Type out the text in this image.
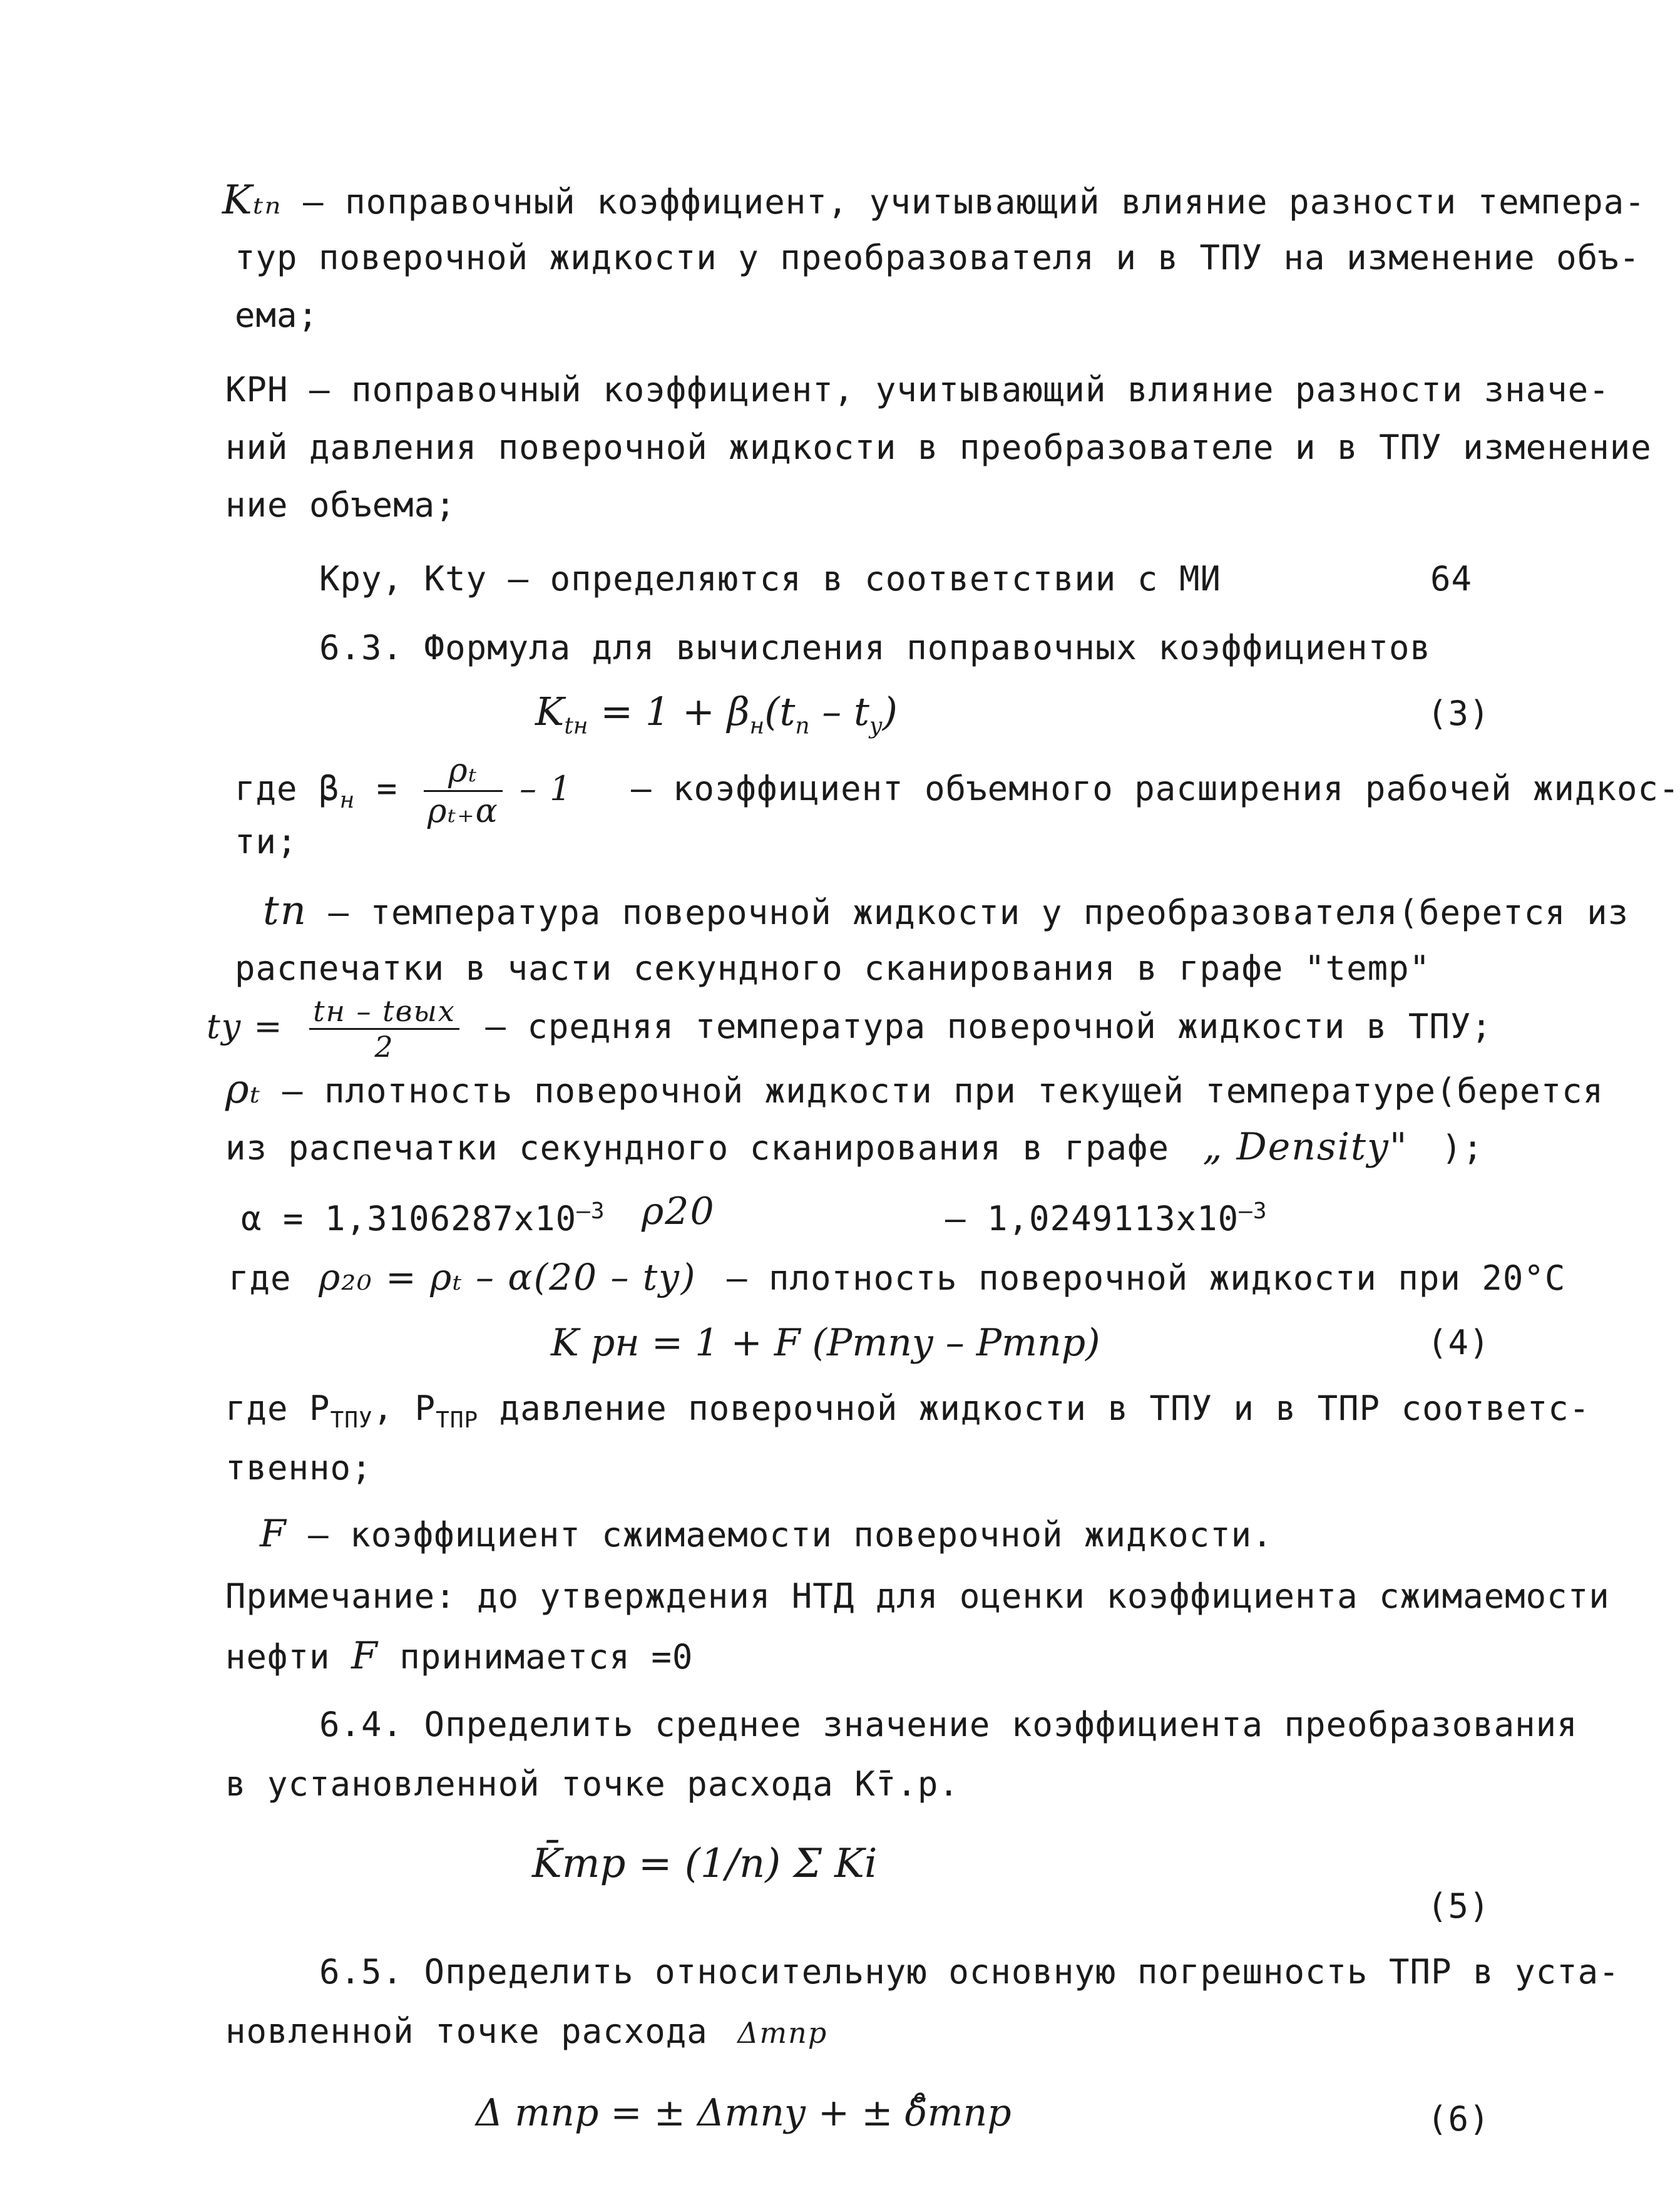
Kₜₙ – поправочный коэффициент, учитывающий влияние разности темпера-
тур поверочной жидкости у преобразователя и в ТПУ на изменение объ-
ема;
КРН – поправочный коэффициент, учитывающий влияние разности значе-
ний давления поверочной жидкости в преобразователе и в ТПУ изменение
ние объема;
Кру, Кty – определяются в соответствии с МИ	64
6.3. Формула для вычисления поправочных коэффициентов
$K_{tн} = 1 + \beta_н(t_п - t_у)$	(3)
где $\beta_н = \frac{\text{ρₜ}}{\text{ρₜ₊α}} - 1$ – коэффициент объемного расширения рабочей жидкос-
ти;
tп – температура поверочной жидкости у преобразователя(берется из
распечатки в части секундного сканирования в графе "temp"
ty = $\frac{\text{tн – tвых}}{2}$ – средняя температура поверочной жидкости в ТПУ;
ρₜ – плотность поверочной жидкости при текущей температуре(берется
из распечатки секундного сканирования в графе „ Density" );
$\alpha = 1,3106287х10^{-3}$ ρ20	– $1,0249113х10^{-3}$
где ρ₂₀ = ρₜ – α(20 – tу) – плотность поверочной жидкости при 20°С
K рн = 1 + F (Pтпу – Pтпр)	(4)
где $Р_{ТПУ}$, $Р_{ТПР}$ давление поверочной жидкости в ТПУ и в ТПР соответс-
твенно;
F – коэффициент сжимаемости поверочной жидкости.
Примечание: до утверждения НТД для оценки коэффициента сжимаемости
нефти F принимается =0
6.4. Определить среднее значение коэффициента преобразования
в установленной точке расхода К̄т.р.
K̄тр = (1/n) Σ Ki
(5)
6.5. Определить относительную основную погрешность ТПР в уста-
новленной точке расхода Δтпр
Δ тпр = ± Δтпу + ± δ̊тпр	(6)
